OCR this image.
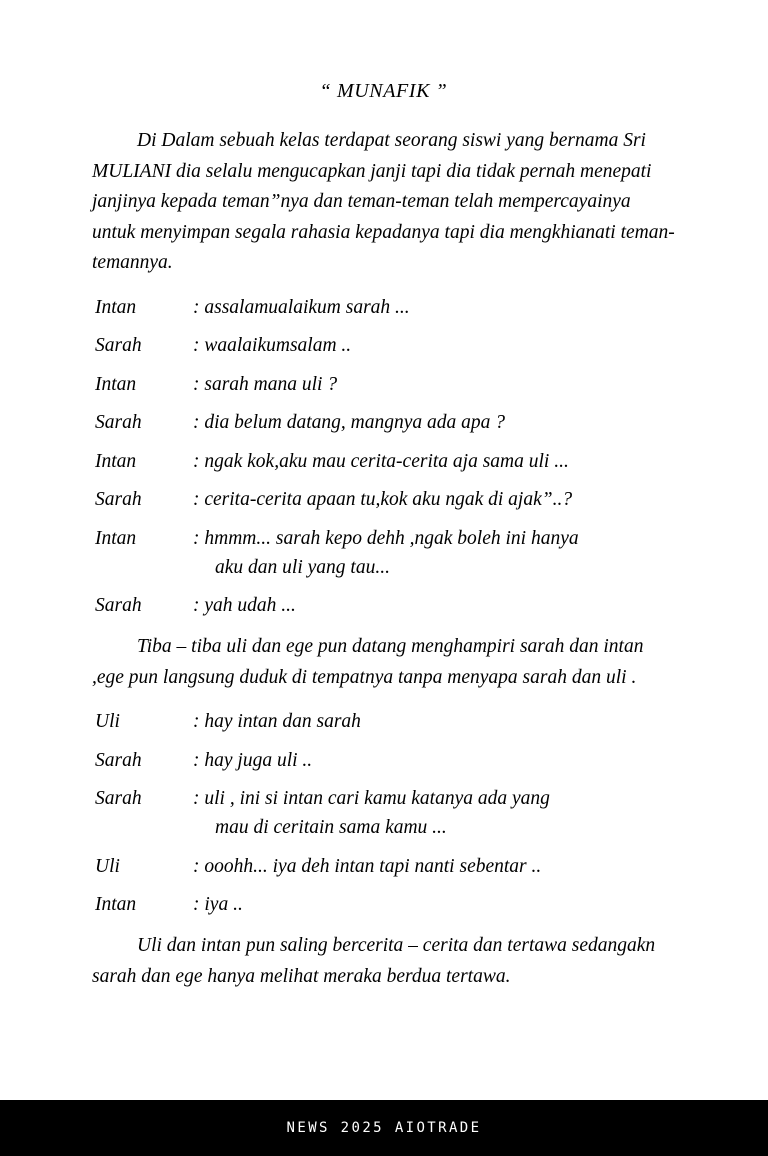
“ MUNAFIK ”

Di Dalam sebuah kelas terdapat seorang siswi yang bernama Sri MULIANI dia selalu mengucapkan janji tapi dia tidak pernah menepati janjinya kepada teman”nya dan teman-teman telah mempercayainya untuk menyimpan segala rahasia kepadanya tapi dia mengkhianati teman-temannya.

Intan	: assalamualaikum sarah ...
Sarah	: waalaikumsalam ..
Intan	: sarah mana uli ?
Sarah	: dia belum datang, mangnya ada apa ?
Intan	: ngak kok,aku mau cerita-cerita aja sama uli ...
Sarah	: cerita-cerita apaan tu,kok aku ngak di ajak”..?
Intan	: hmmm... sarah kepo dehh ,ngak boleh ini hanya
aku dan uli yang tau...
Sarah	: yah udah ...

Tiba – tiba uli dan ege pun datang menghampiri sarah dan intan ,ege pun langsung duduk di tempatnya tanpa menyapa sarah dan uli .

Uli	: hay intan dan sarah
Sarah	: hay juga uli ..
Sarah	: uli , ini si intan cari kamu katanya ada yang
mau di ceritain sama kamu ...
Uli	: ooohh... iya deh intan tapi nanti sebentar ..
Intan	: iya ..

Uli dan intan pun saling bercerita – cerita dan tertawa sedangakn sarah dan ege hanya melihat meraka berdua tertawa.

NEWS 2025 AIOTRADE
